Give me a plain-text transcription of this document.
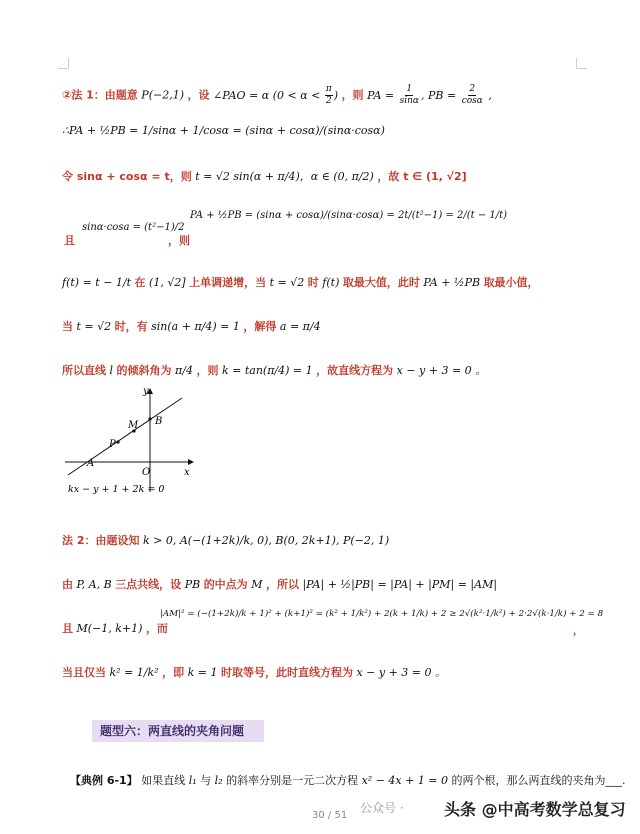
②法 1：由题意 P(−2,1) ，设 ∠PAO = α ($0 < \alpha < \frac{\pi}{2}$ ) ，则 PA = $\frac{1}{\sin\alpha}$ , PB = $\frac{2}{\cos\alpha}$ ,
∴PA + ½PB = 1/sinα + 1/cosα = (sinα + cosα)/(sinα·cosα)
令 sinα + cosα = t，则 t = √2 sin(α + π/4)，α ∈ (0, π/2) ，故 t ∈ (1, √2]
sinα·cosa = (t²−1)/2
且	，则
PA + ½PB = (sinα + cosα)/(sinα·cosα) = 2t/(t²−1) = 2/(t − 1/t)
f(t) = t − 1/t 在 (1, √2] 上单调递增，当 t = √2 时 f(t) 取最大值，此时 PA + ½PB 取最小值，
当 t = √2 时，有 sin(a + π/4) = 1 ，解得 a = π/4
所以直线 l 的倾斜角为 π/4 ，则 k = tan(π/4) = 1 ，故直线方程为 x − y + 3 = 0 。
y
x
O
B
M
P
A
kx − y + 1 + 2k = 0
法 2：由题设知 k > 0, A(−(1+2k)/k, 0), B(0, 2k+1), P(−2, 1)
由 P, A, B 三点共线，设 PB 的中点为 M ，所以 |PA| + ½|PB| = |PA| + |PM| = |AM|
且 M(−1, k+1) ，而
|AM|² = (−(1+2k)/k + 1)² + (k+1)² = (k² + 1/k²) + 2(k + 1/k) + 2 ≥ 2√(k²·1/k²) + 2·2√(k·1/k) + 2 = 8
，
当且仅当 k² = 1/k² ，即 k = 1 时取等号，此时直线方程为 x − y + 3 = 0 。
题型六：两直线的夹角问题
【典例 6-1】 如果直线 l₁ 与 l₂ 的斜率分别是一元二次方程 x² − 4x + 1 = 0 的两个根，那么两直线的夹角为___.
30 / 51
公众号 ·	头条 @中高考数学总复习
